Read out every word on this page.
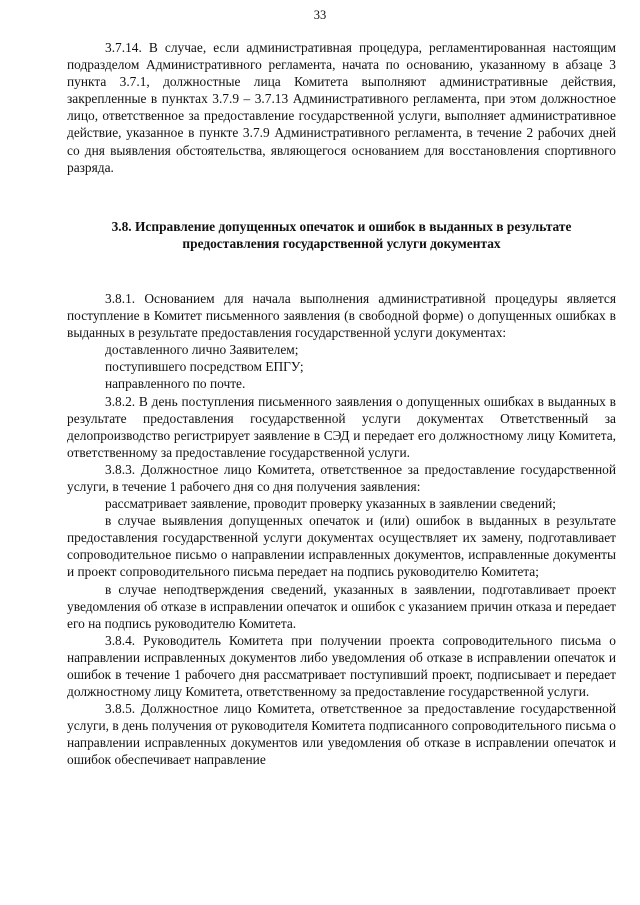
33

3.7.14. В случае, если административная процедура, регламентированная настоящим подразделом Административного регламента, начата по основанию, указанному в абзаце 3 пункта 3.7.1, должностные лица Комитета выполняют административные действия, закрепленные в пунктах 3.7.9 – 3.7.13 Административного регламента, при этом должностное лицо, ответственное за предоставление государственной услуги, выполняет административное действие, указанное в пункте 3.7.9 Административного регламента, в течение 2 рабочих дней со дня выявления обстоятельства, являющегося основанием для восстановления спортивного разряда.

3.8. Исправление допущенных опечаток и ошибок в выданных в результате предоставления государственной услуги документах

3.8.1. Основанием для начала выполнения административной процедуры является поступление в Комитет письменного заявления (в свободной форме) о допущенных ошибках в выданных в результате предоставления государственной услуги документах:

доставленного лично Заявителем;

поступившего посредством ЕПГУ;

направленного по почте.

3.8.2. В день поступления письменного заявления о допущенных ошибках в выданных в результате предоставления государственной услуги документах Ответственный за делопроизводство регистрирует заявление в СЭД и передает его должностному лицу Комитета, ответственному за предоставление государственной услуги.

3.8.3. Должностное лицо Комитета, ответственное за предоставление государственной услуги, в течение 1 рабочего дня со дня получения заявления:

рассматривает заявление, проводит проверку указанных в заявлении сведений;

в случае выявления допущенных опечаток и (или) ошибок в выданных в результате предоставления государственной услуги документах осуществляет их замену, подготавливает сопроводительное письмо о направлении исправленных документов, исправленные документы и проект сопроводительного письма передает на подпись руководителю Комитета;

в случае неподтверждения сведений, указанных в заявлении, подготавливает проект уведомления об отказе в исправлении опечаток и ошибок с указанием причин отказа и передает его на подпись руководителю Комитета.

3.8.4. Руководитель Комитета при получении проекта сопроводительного письма о направлении исправленных документов либо уведомления об отказе в исправлении опечаток и ошибок в течение 1 рабочего дня рассматривает поступивший проект, подписывает и передает должностному лицу Комитета, ответственному за предоставление государственной услуги.

3.8.5. Должностное лицо Комитета, ответственное за предоставление государственной услуги, в день получения от руководителя Комитета подписанного сопроводительного письма о направлении исправленных документов или уведомления об отказе в исправлении опечаток и ошибок обеспечивает направление
